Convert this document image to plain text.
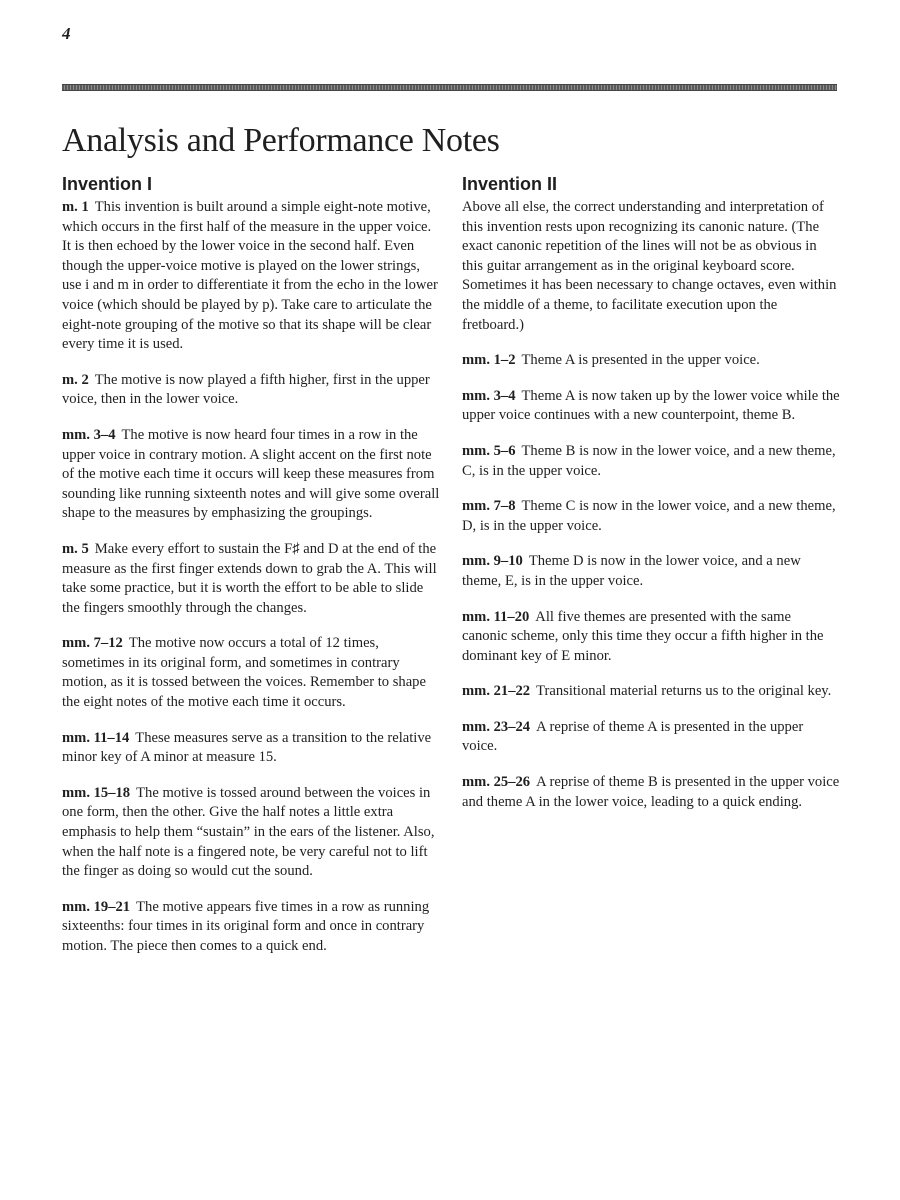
4
Analysis and Performance Notes
Invention I

m. 1 This invention is built around a simple eight-note motive, which occurs in the first half of the measure in the upper voice. It is then echoed by the lower voice in the second half. Even though the upper-voice motive is played on the lower strings, use i and m in order to differentiate it from the echo in the lower voice (which should be played by p). Take care to articulate the eight-note grouping of the motive so that its shape will be clear every time it is used.

m. 2 The motive is now played a fifth higher, first in the upper voice, then in the lower voice.

mm. 3–4 The motive is now heard four times in a row in the upper voice in contrary motion. A slight accent on the first note of the motive each time it occurs will keep these measures from sounding like running sixteenth notes and will give some overall shape to the measures by emphasizing the groupings.

m. 5 Make every effort to sustain the F♯ and D at the end of the measure as the first finger extends down to grab the A. This will take some practice, but it is worth the effort to be able to slide the fingers smoothly through the changes.

mm. 7–12 The motive now occurs a total of 12 times, sometimes in its original form, and sometimes in contrary motion, as it is tossed between the voices. Remember to shape the eight notes of the motive each time it occurs.

mm. 11–14 These measures serve as a transition to the relative minor key of A minor at measure 15.

mm. 15–18 The motive is tossed around between the voices in one form, then the other. Give the half notes a little extra emphasis to help them “sustain” in the ears of the listener. Also, when the half note is a fingered note, be very careful not to lift the finger as doing so would cut the sound.

mm. 19–21 The motive appears five times in a row as running sixteenths: four times in its original form and once in contrary motion. The piece then comes to a quick end.

Invention II

Above all else, the correct understanding and interpretation of this invention rests upon recognizing its canonic nature. (The exact canonic repetition of the lines will not be as obvious in this guitar arrangement as in the original keyboard score. Sometimes it has been necessary to change octaves, even within the middle of a theme, to facilitate execution upon the fretboard.)

mm. 1–2 Theme A is presented in the upper voice.

mm. 3–4 Theme A is now taken up by the lower voice while the upper voice continues with a new counterpoint, theme B.

mm. 5–6 Theme B is now in the lower voice, and a new theme, C, is in the upper voice.

mm. 7–8 Theme C is now in the lower voice, and a new theme, D, is in the upper voice.

mm. 9–10 Theme D is now in the lower voice, and a new theme, E, is in the upper voice.

mm. 11–20 All five themes are presented with the same canonic scheme, only this time they occur a fifth higher in the dominant key of E minor.

mm. 21–22 Transitional material returns us to the original key.

mm. 23–24 A reprise of theme A is presented in the upper voice.

mm. 25–26 A reprise of theme B is presented in the upper voice and theme A in the lower voice, leading to a quick ending.
